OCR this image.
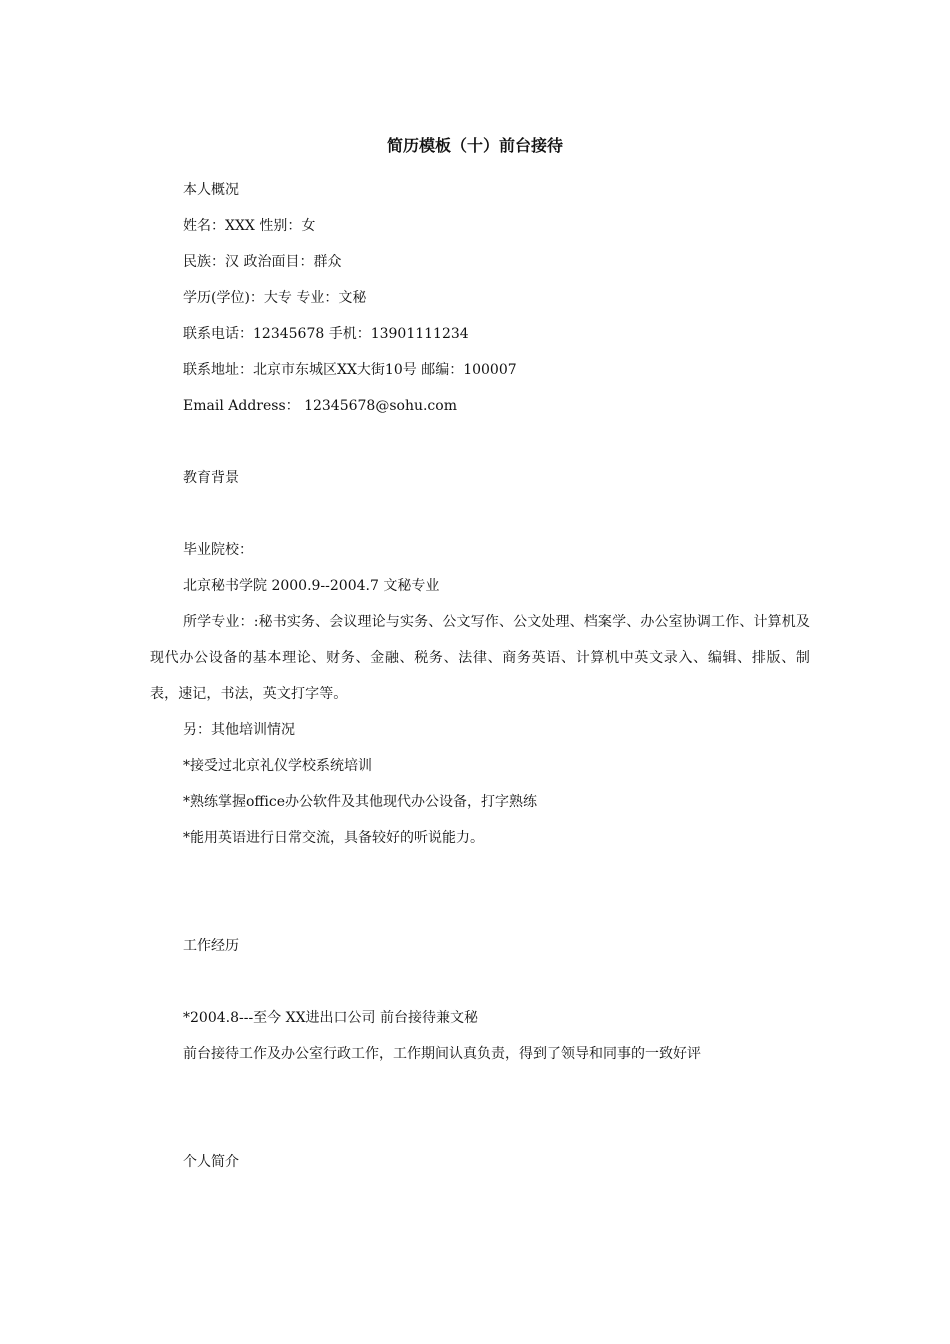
简历模板（十）前台接待
本人概况
姓名：XXX 性别：女
民族：汉 政治面目：群众
学历(学位)：大专 专业：文秘
联系电话：12345678 手机：13901111234
联系地址：北京市东城区XX大街10号 邮编：100007
Email Address： 12345678@sohu.com
教育背景
毕业院校：
北京秘书学院 2000.9--2004.7 文秘专业
所学专业：:秘书实务、会议理论与实务、公文写作、公文处理、档案学、办公室协调工作、计算机及现代办公设备的基本理论、财务、金融、税务、法律、商务英语、计算机中英文录入、编辑、排版、制表，速记，书法，英文打字等。
另：其他培训情况
*接受过北京礼仪学校系统培训
*熟练掌握office办公软件及其他现代办公设备，打字熟练
*能用英语进行日常交流，具备较好的听说能力。
工作经历
*2004.8---至今 XX进出口公司 前台接待兼文秘
前台接待工作及办公室行政工作，工作期间认真负责，得到了领导和同事的一致好评
个人简介
